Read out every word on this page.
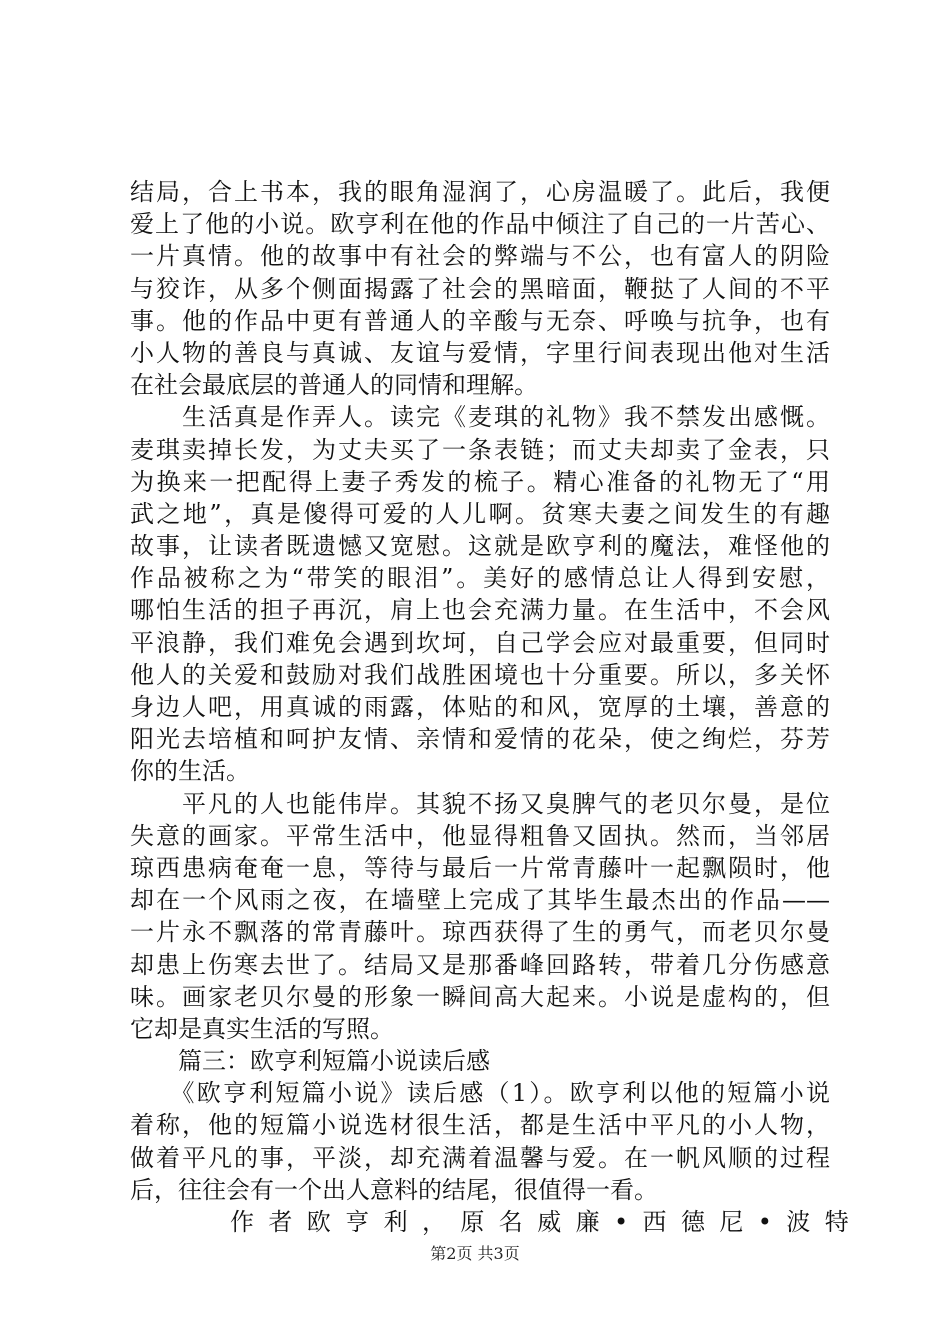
结局，合上书本，我的眼角湿润了，心房温暖了。此后，我便
爱上了他的小说。欧亨利在他的作品中倾注了自己的一片苦心、
一片真情。他的故事中有社会的弊端与不公，也有富人的阴险
与狡诈，从多个侧面揭露了社会的黑暗面，鞭挞了人间的不平
事。他的作品中更有普通人的辛酸与无奈、呼唤与抗争，也有
小人物的善良与真诚、友谊与爱情，字里行间表现出他对生活
在社会最底层的普通人的同情和理解。
　　生活真是作弄人。读完《麦琪的礼物》我不禁发出感慨。
麦琪卖掉长发，为丈夫买了一条表链；而丈夫却卖了金表，只
为换来一把配得上妻子秀发的梳子。精心准备的礼物无了“用
武之地”，真是傻得可爱的人儿啊。贫寒夫妻之间发生的有趣
故事，让读者既遗憾又宽慰。这就是欧亨利的魔法，难怪他的
作品被称之为“带笑的眼泪”。美好的感情总让人得到安慰，
哪怕生活的担子再沉，肩上也会充满力量。在生活中，不会风
平浪静，我们难免会遇到坎坷，自己学会应对最重要，但同时
他人的关爱和鼓励对我们战胜困境也十分重要。所以，多关怀
身边人吧，用真诚的雨露，体贴的和风，宽厚的土壤，善意的
阳光去培植和呵护友情、亲情和爱情的花朵，使之绚烂，芬芳
你的生活。
　　平凡的人也能伟岸。其貌不扬又臭脾气的老贝尔曼，是位
失意的画家。平常生活中，他显得粗鲁又固执。然而，当邻居
琼西患病奄奄一息，等待与最后一片常青藤叶一起飘陨时，他
却在一个风雨之夜，在墙壁上完成了其毕生最杰出的作品——
一片永不飘落的常青藤叶。琼西获得了生的勇气，而老贝尔曼
却患上伤寒去世了。结局又是那番峰回路转，带着几分伤感意
味。画家老贝尔曼的形象一瞬间高大起来。小说是虚构的，但
它却是真实生活的写照。
　　篇三：欧亨利短篇小说读后感
　　《欧亨利短篇小说》读后感（1）。欧亨利以他的短篇小说
着称，他的短篇小说选材很生活，都是生活中平凡的小人物，
做着平凡的事，平淡，却充满着温馨与爱。在一帆风顺的过程
后，往往会有一个出人意料的结尾，很值得一看。
作者欧亨利，原名威廉•西德尼•波特
第2页 共3页
